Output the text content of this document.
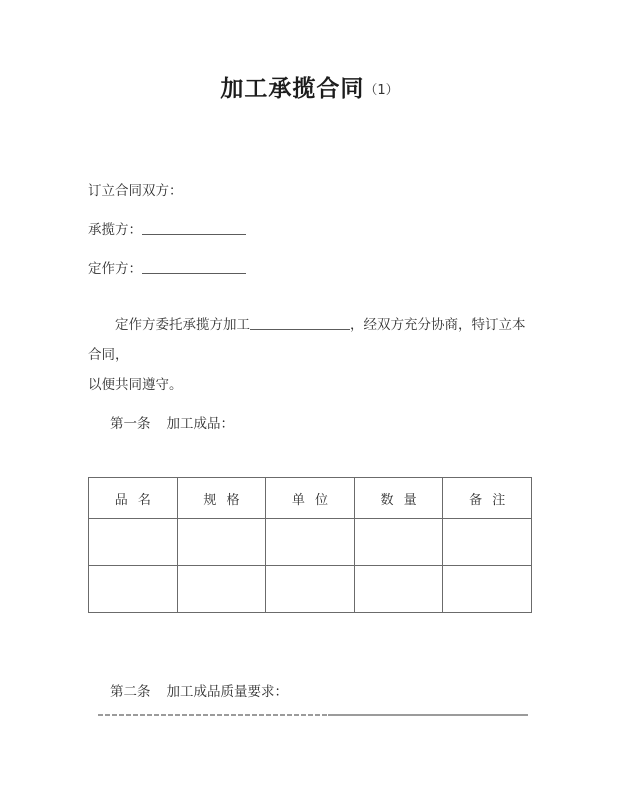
加工承揽合同（1）
订立合同双方：
承揽方：
定作方：
定作方委托承揽方加工	，经双方充分协商，特订立本合同，
以便共同遵守。
第一条 加工成品：
品 名	规 格	单 位	数 量	备 注

第二条 加工成品质量要求：
